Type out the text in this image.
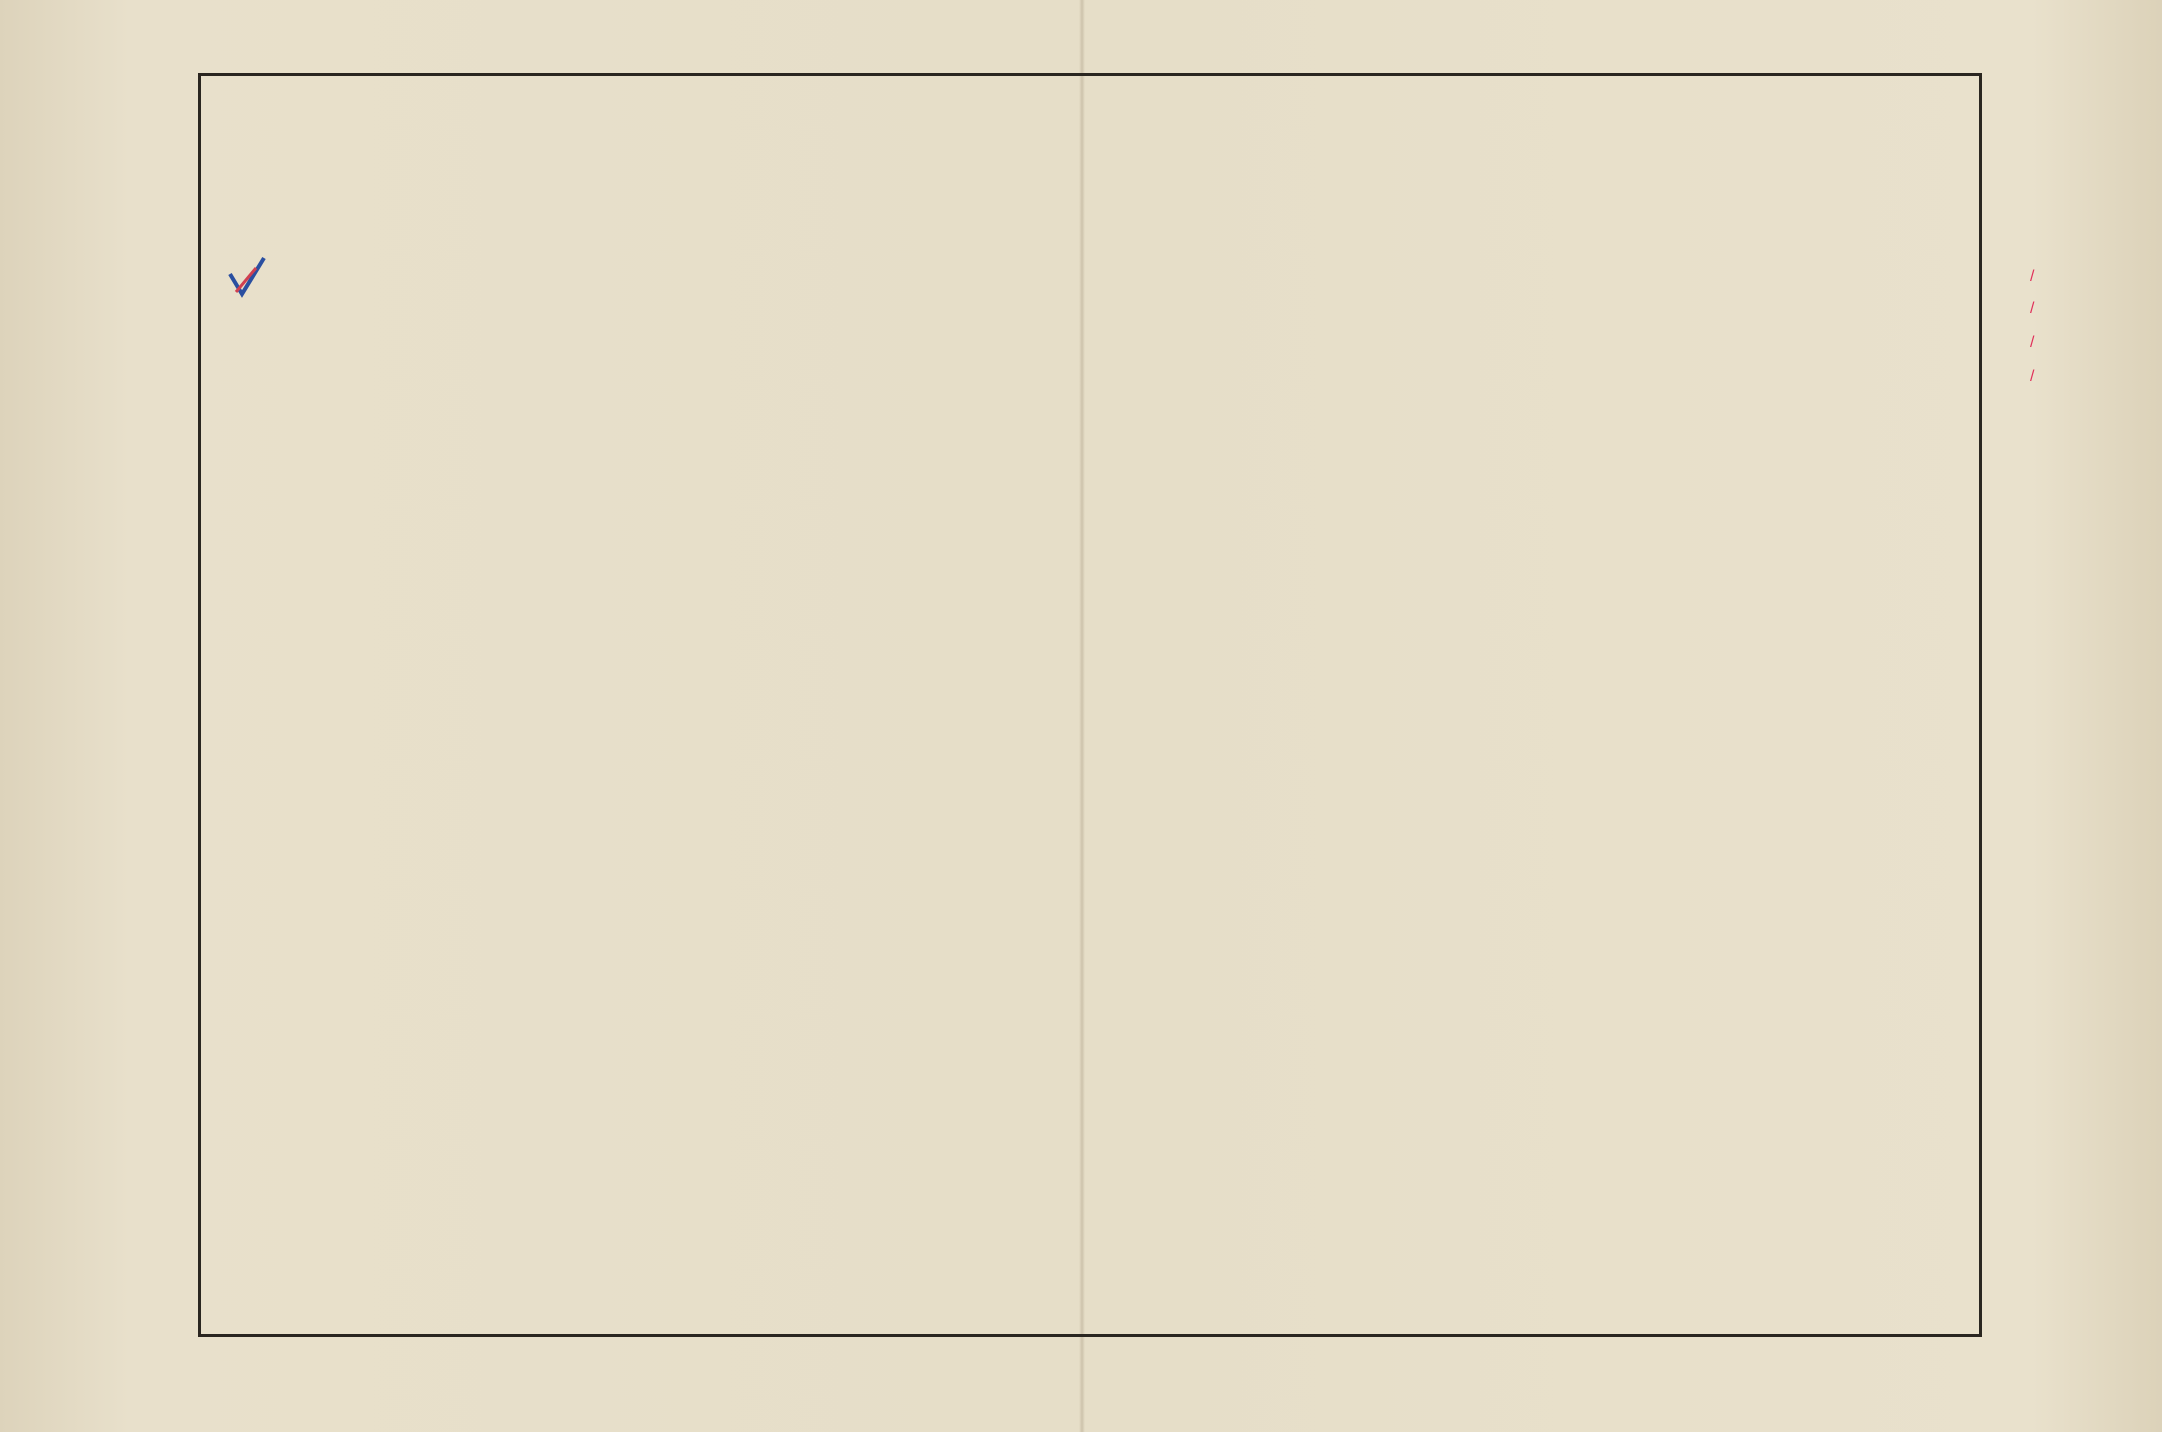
/
/
/
/
